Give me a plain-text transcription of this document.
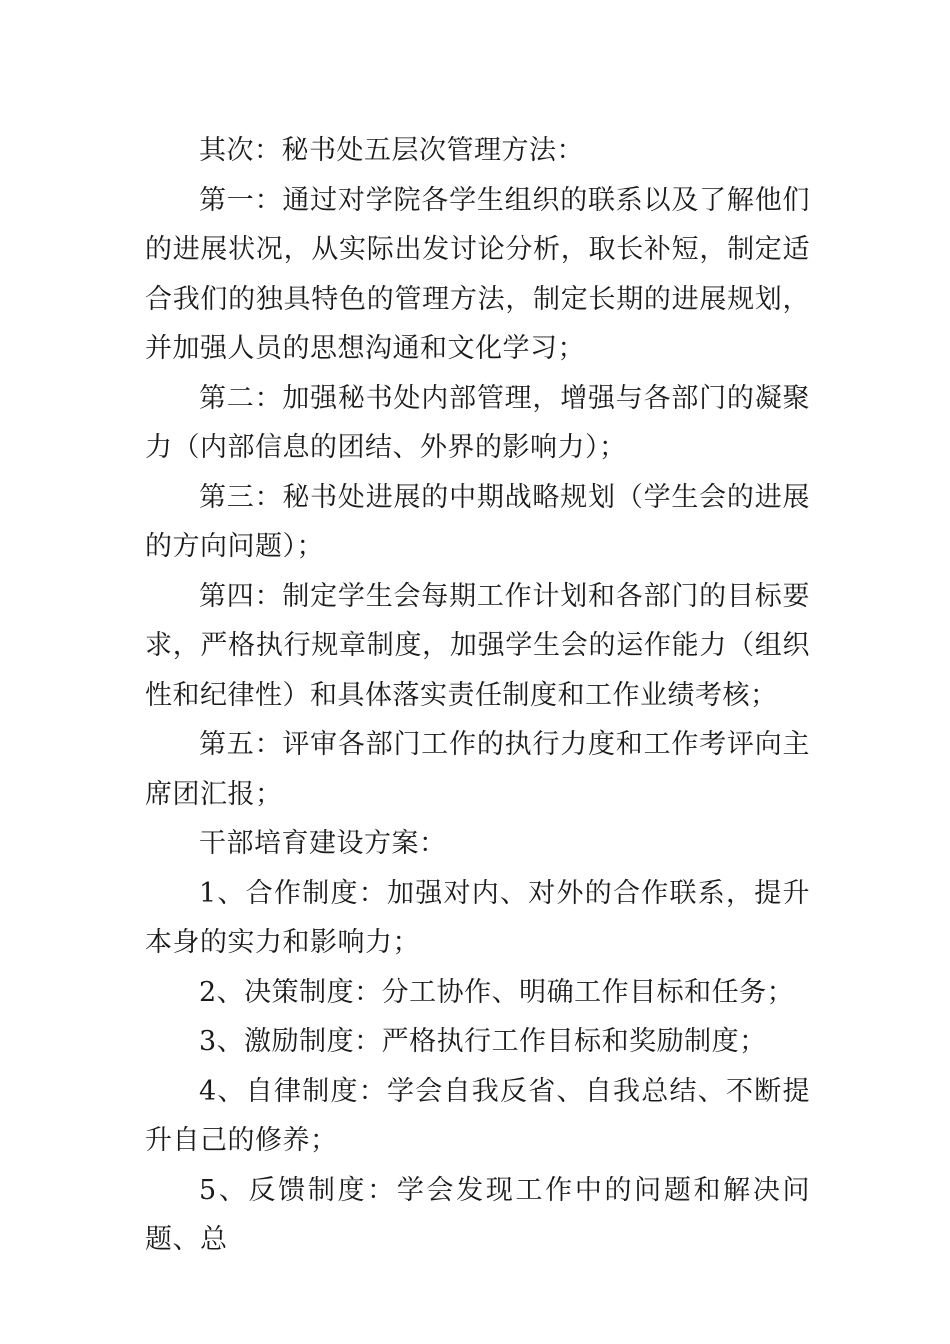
其次：秘书处五层次管理方法：

第一：通过对学院各学生组织的联系以及了解他们的进展状况，从实际出发讨论分析，取长补短，制定适合我们的独具特色的管理方法，制定长期的进展规划，并加强人员的思想沟通和文化学习；

第二：加强秘书处内部管理，增强与各部门的凝聚力（内部信息的团结、外界的影响力）；

第三：秘书处进展的中期战略规划（学生会的进展的方向问题）；

第四：制定学生会每期工作计划和各部门的目标要求，严格执行规章制度，加强学生会的运作能力（组织性和纪律性）和具体落实责任制度和工作业绩考核；

第五：评审各部门工作的执行力度和工作考评向主席团汇报；

干部培育建设方案：

1、合作制度：加强对内、对外的合作联系，提升本身的实力和影响力；

2、决策制度：分工协作、明确工作目标和任务；

3、激励制度：严格执行工作目标和奖励制度；

4、自律制度：学会自我反省、自我总结、不断提升自己的修养；

5、反馈制度：学会发现工作中的问题和解决问题、总
